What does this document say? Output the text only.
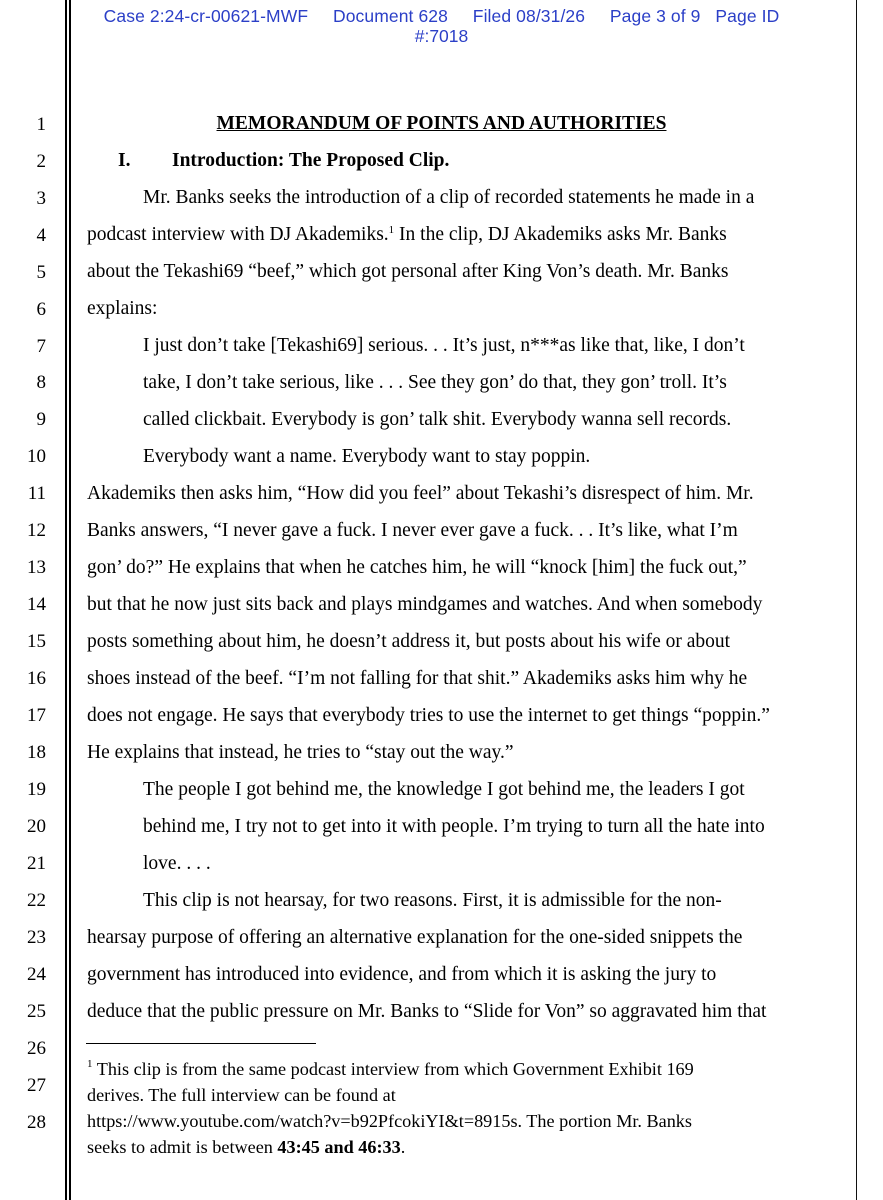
Case 2:24-cr-00621-MWF     Document 628     Filed 08/31/26     Page 3 of 9   Page ID
#:7018
1
2
3
4
5
6
7
8
9
10
11
12
13
14
15
16
17
18
19
20
21
22
23
24
25
26
27
28
MEMORANDUM OF POINTS AND AUTHORITIES
I. Introduction: The Proposed Clip.
Mr. Banks seeks the introduction of a clip of recorded statements he made in a
podcast interview with DJ Akademiks.$^1$ In the clip, DJ Akademiks asks Mr. Banks
about the Tekashi69 “beef,” which got personal after King Von’s death. Mr. Banks
explains:
I just don’t take [Tekashi69] serious. . . It’s just, n***as like that, like, I don’t
take, I don’t take serious, like . . . See they gon’ do that, they gon’ troll. It’s
called clickbait. Everybody is gon’ talk shit. Everybody wanna sell records.
Everybody want a name. Everybody want to stay poppin.
Akademiks then asks him, “How did you feel” about Tekashi’s disrespect of him. Mr.
Banks answers, “I never gave a fuck. I never ever gave a fuck. . . It’s like, what I’m
gon’ do?” He explains that when he catches him, he will “knock [him] the fuck out,”
but that he now just sits back and plays mindgames and watches. And when somebody
posts something about him, he doesn’t address it, but posts about his wife or about
shoes instead of the beef. “I’m not falling for that shit.” Akademiks asks him why he
does not engage. He says that everybody tries to use the internet to get things “poppin.”
He explains that instead, he tries to “stay out the way.”
The people I got behind me, the knowledge I got behind me, the leaders I got
behind me, I try not to get into it with people. I’m trying to turn all the hate into
love. . . .
This clip is not hearsay, for two reasons. First, it is admissible for the non-
hearsay purpose of offering an alternative explanation for the one-sided snippets the
government has introduced into evidence, and from which it is asking the jury to
deduce that the public pressure on Mr. Banks to “Slide for Von” so aggravated him that
$^1$ This clip is from the same podcast interview from which Government Exhibit 169
derives. The full interview can be found at
https://www.youtube.com/watch?v=b92PfcokiYI&t=8915s. The portion Mr. Banks
seeks to admit is between 43:45 and 46:33.
